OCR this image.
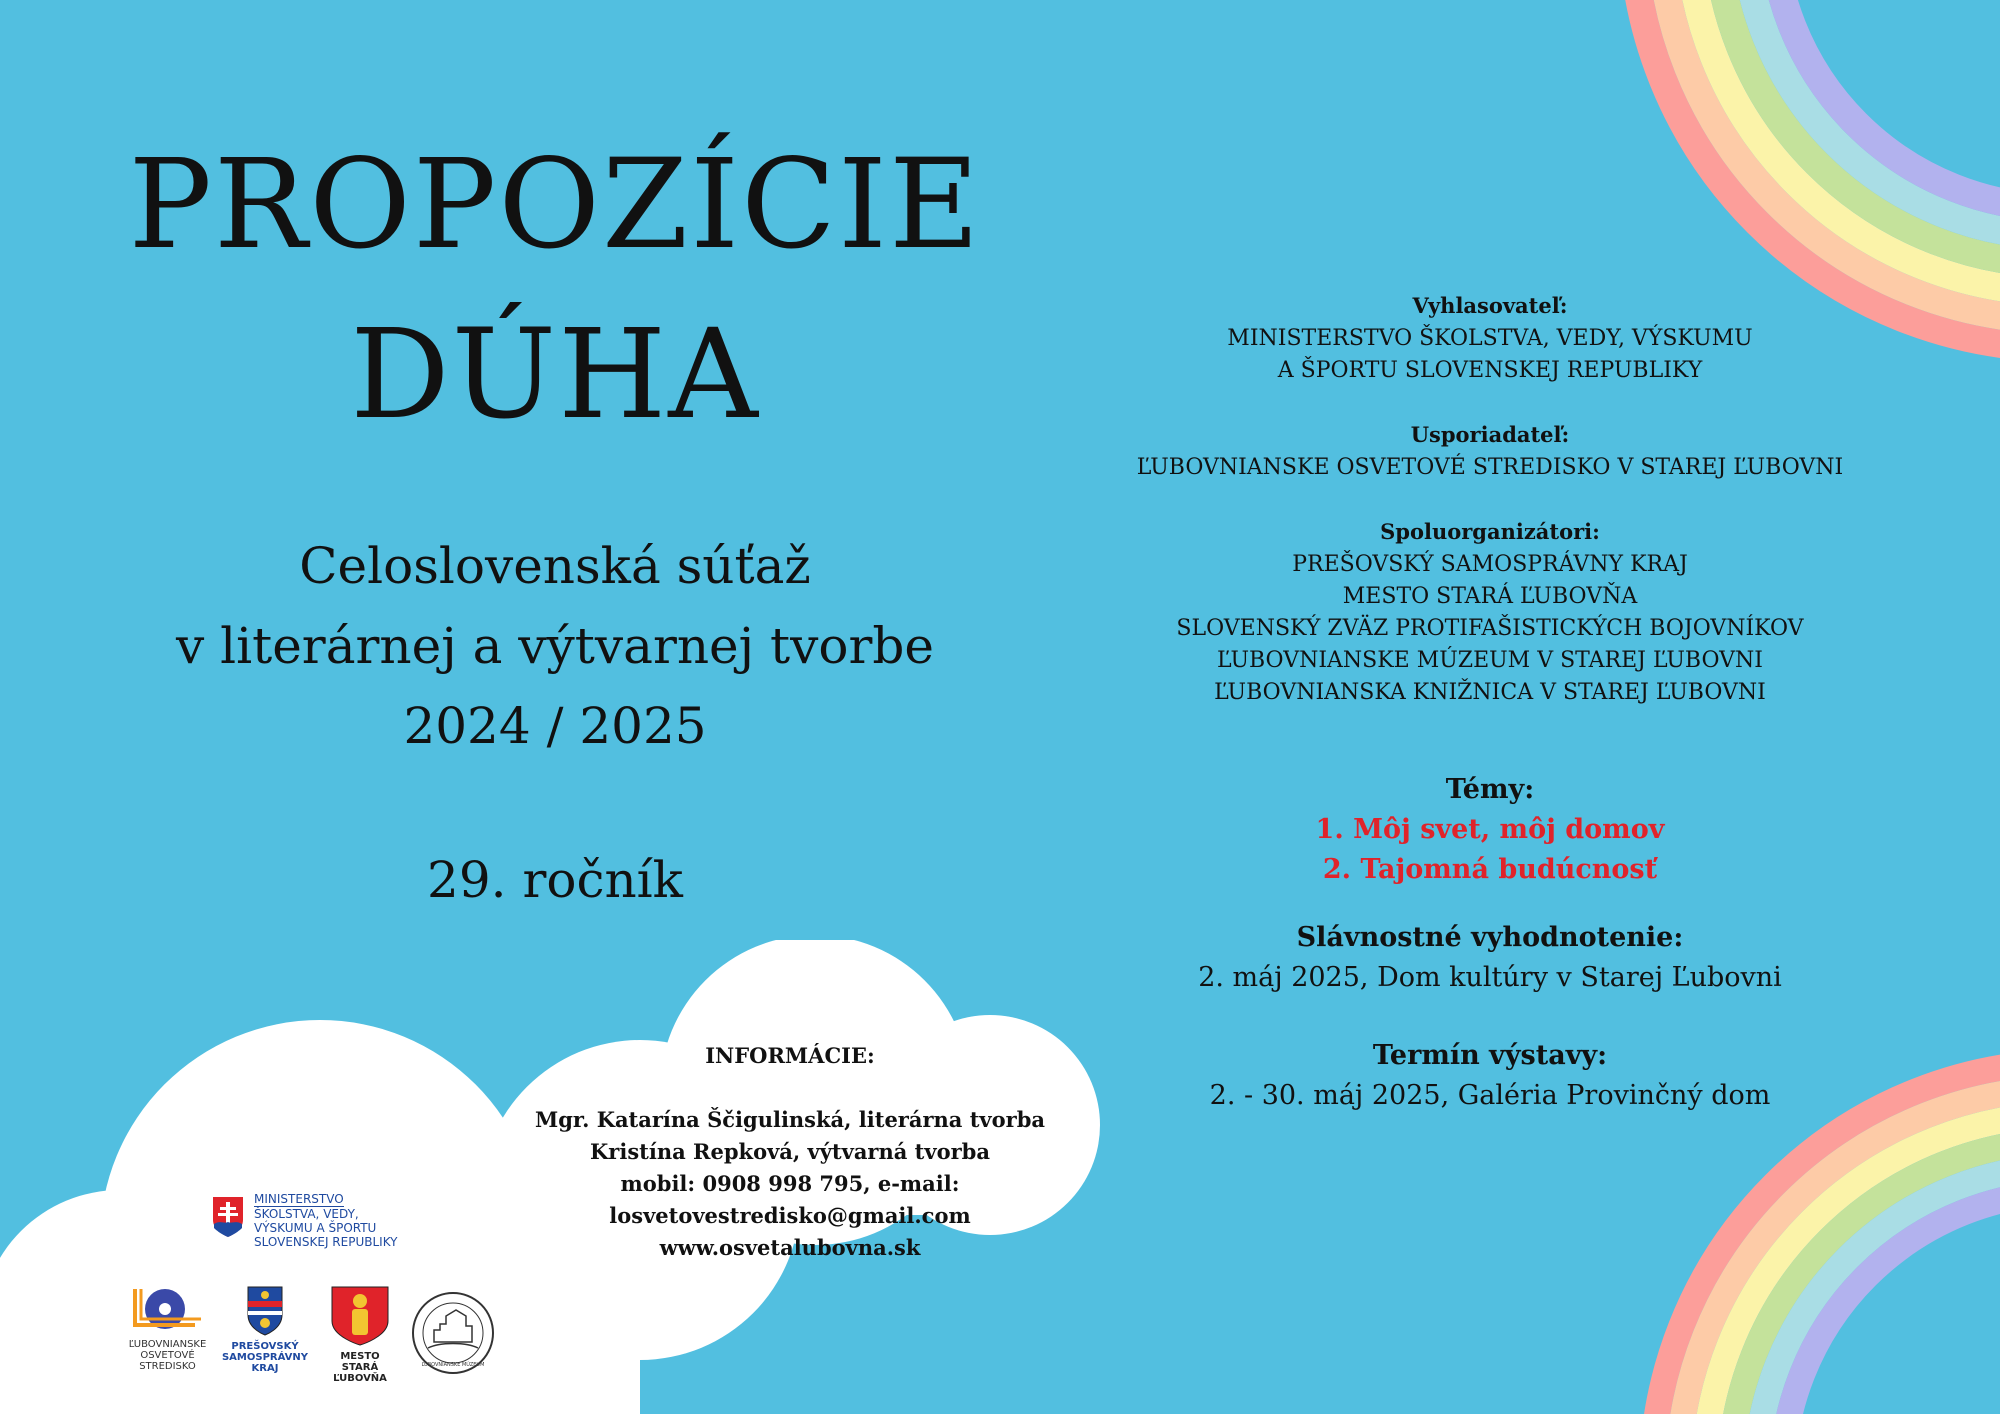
PROPOZÍCIE
DÚHA
Celoslovenská súťaž
v literárnej a výtvarnej tvorbe
2024 / 2025
29. ročník
Vyhlasovateľ:
MINISTERSTVO ŠKOLSTVA, VEDY, VÝSKUMU
A ŠPORTU SLOVENSKEJ REPUBLIKY
Usporiadateľ:
ĽUBOVNIANSKE OSVETOVÉ STREDISKO V STAREJ ĽUBOVNI
Spoluorganizátori:
PREŠOVSKÝ SAMOSPRÁVNY KRAJ
MESTO STARÁ ĽUBOVŇA
SLOVENSKÝ ZVÄZ PROTIFAŠISTICKÝCH BOJOVNÍKOV
ĽUBOVNIANSKE MÚZEUM V STAREJ ĽUBOVNI
ĽUBOVNIANSKA KNIŽNICA V STAREJ ĽUBOVNI
Témy:
1. Môj svet, môj domov
2. Tajomná budúcnosť
Slávnostné vyhodnotenie:
2. máj 2025, Dom kultúry v Starej Ľubovni
Termín výstavy:
2. - 30. máj 2025, Galéria Provinčný dom
INFORMÁCIE:
Mgr. Katarína Ščigulinská, literárna tvorba
Kristína Repková, výtvarná tvorba
mobil: 0908 998 795, e-mail: losvetovestredisko@gmail.com
www.osvetalubovna.sk
MINISTERSTVO
ŠKOLSTVA, VEDY,
VÝSKUMU A ŠPORTU
SLOVENSKEJ REPUBLIKY
ĽUBOVNIANSKE
OSVETOVÉ
STREDISKO
PREŠOVSKÝ
SAMOSPRÁVNY
KRAJ
MESTO
STARÁ ĽUBOVŇA
ĽUBOVNIANSKE MÚZEUM
